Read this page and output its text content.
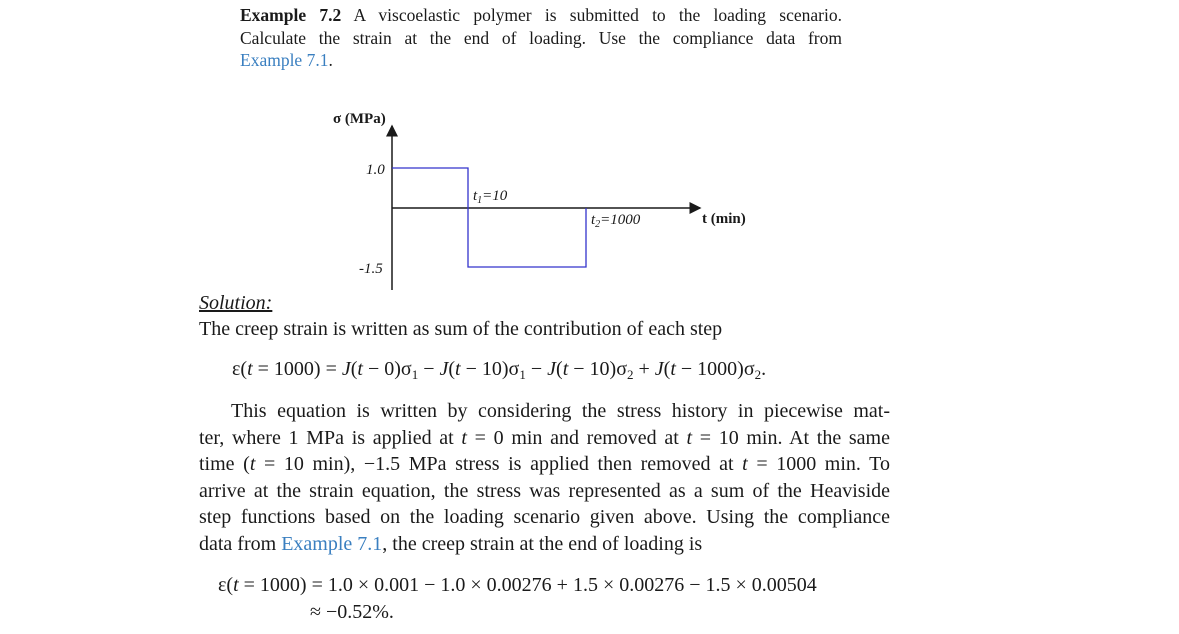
Example 7.2 A viscoelastic polymer is submitted to the loading scenario.
Calculate the strain at the end of loading. Use the compliance data from
Example 7.1.
σ (MPa)
t (min)
1.0
-1.5
$t_1=10$
$t_2=1000$
Solution:
The creep strain is written as sum of the contribution of each step
$\varepsilon(t = 1000) = J(t - 0)\sigma_1 - J(t - 10)\sigma_1 - J(t - 10)\sigma_2 + J(t - 1000)\sigma_2$.
This equation is written by considering the stress history in piecewise mat-
ter, where 1 MPa is applied at t = 0 min and removed at t = 10 min. At the same
time (t = 10 min), −1.5 MPa stress is applied then removed at t = 1000 min. To
arrive at the strain equation, the stress was represented as a sum of the Heaviside
step functions based on the loading scenario given above. Using the compliance
data from Example 7.1, the creep strain at the end of loading is
ε(t = 1000) = 1.0 × 0.001 − 1.0 × 0.00276 + 1.5 × 0.00276 − 1.5 × 0.00504
≈ −0.52%.
